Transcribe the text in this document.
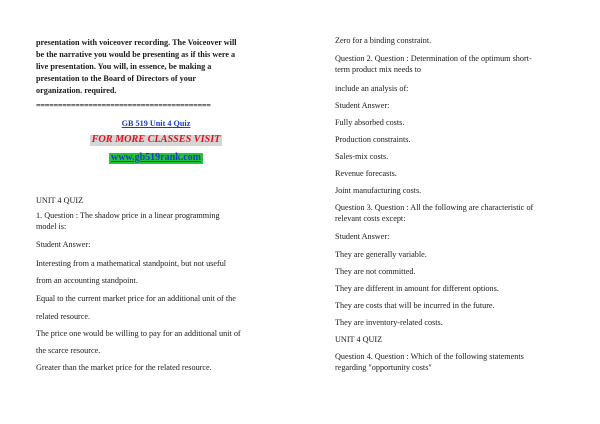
presentation with voiceover recording. The Voiceover will
be the narrative you would be presenting as if this were a
live presentation. You will, in essence, be making a
presentation to the Board of Directors of your
organization. required.
========================================
GB 519 Unit 4 Quiz
FOR MORE CLASSES VISIT
www.gb519rank.com
UNIT 4 QUIZ
1. Question : The shadow price in a linear programming
model is:
Student Answer:
Interesting from a mathematical standpoint, but not useful
from an accounting standpoint.
Equal to the current market price for an additional unit of the
related resource.
The price one would be willing to pay for an additional unit of
the scarce resource.
Greater than the market price for the related resource.
Zero for a binding constraint.
Question 2. Question : Determination of the optimum short-
term product mix needs to
include an analysis of:
Student Answer:
Fully absorbed costs.
Production constraints.
Sales-mix costs.
Revenue forecasts.
Joint manufacturing costs.
Question 3. Question : All the following are characteristic of
relevant costs except:
Student Answer:
They are generally variable.
They are not committed.
They are different in amount for different options.
They are costs that will be incurred in the future.
They are inventory-related costs.
UNIT 4 QUIZ
Question 4. Question : Which of the following statements
regarding "opportunity costs"
